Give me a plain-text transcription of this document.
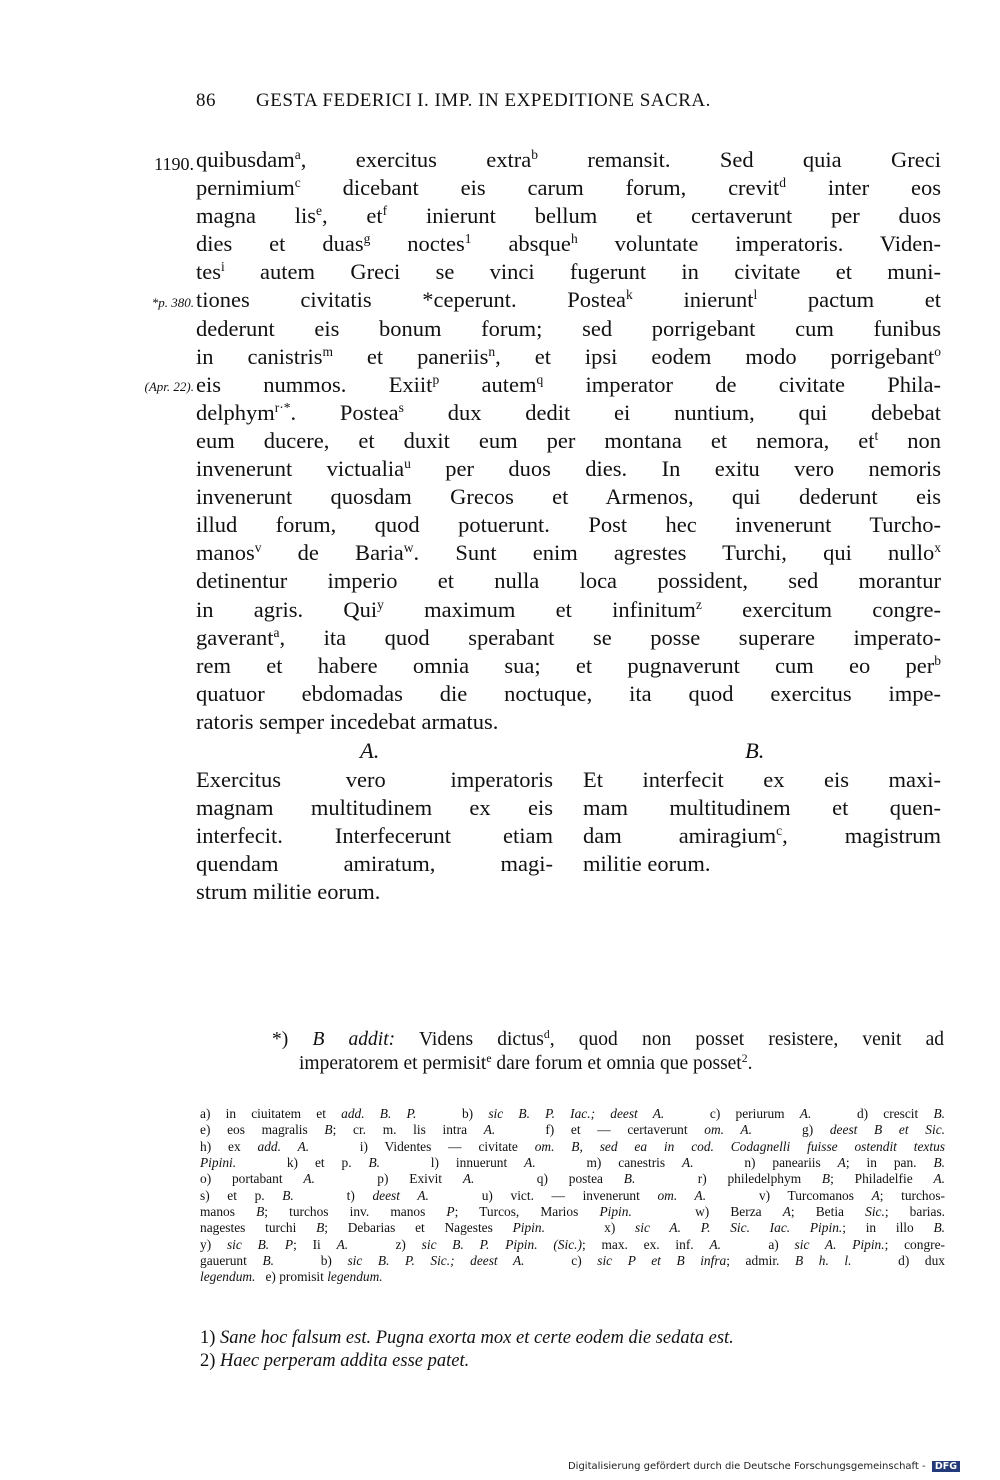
86 GESTA FEDERICI I. IMP. IN EXPEDITIONE SACRA.
1190.
*p. 380.
(Apr. 22).
quibusdam$^a$, exercitus extra$^b$ remansit. Sed quia Greci
pernimium$^c$ dicebant eis carum forum, crevit$^d$ inter eos
magna lis$^e$, $et^f$ inierunt bellum et certaverunt per duos
dies et duas$^g$ noctes$^1$ absque$^h$ voluntate imperatoris. Viden-
tes$^i$ autem Greci se vinci fugerunt in civitate et muni-
tiones civitatis *ceperunt. Postea$^k$ inierunt$^l$ pactum et
dederunt eis bonum forum; sed porrigebant cum funibus
in canistris$^m$ et paneriis$^n$, et ipsi eodem modo porrigebant$^o$
eis nummos. Exiit$^p$ autem$^q$ imperator de civitate Phila-
delphym$^{r\cdot*}$. Postea$^s$ dux dedit ei nuntium, qui debebat
eum ducere, et duxit eum per montana et nemora, $et^t$ non
invenerunt victualia$^u$ per duos dies. In exitu vero nemoris
invenerunt quosdam Grecos et Armenos, qui dederunt eis
illud forum, quod potuerunt. Post hec invenerunt Turcho-
manos$^v$ de Baria$^w$. Sunt enim agrestes Turchi, qui nullo$^x$
detinentur imperio et nulla loca possident, sed morantur
in agris. Qui$^y$ maximum et infinitum$^z$ exercitum congre-
gaverant$^a$, ita quod sperabant se posse superare imperato-
rem et habere omnia sua; et pugnaverunt cum eo per$^b$
quatuor ebdomadas die noctuque, ita quod exercitus impe-
ratoris semper incedebat armatus.
A.	B.
Exercitus vero imperatoris
magnam multitudinem ex eis
interfecit. Interfecerunt etiam
quendam amiratum, magi-
strum militie eorum.
Et interfecit ex eis maxi-
mam multitudinem et quen-
dam amiragium$^c$, magistrum
militie eorum.
*) B addit: Videns dictus$^d$, quod non posset resistere, venit ad
imperatorem et permisit$^e$ dare forum et omnia que posset$^2$.
a) in ciuitatem et add. B. P.   b) sic B. P. Iac.; deest A.   c) periurum A.   d) crescit B.
e) eos magralis B; cr. m. lis intra A.   f) et — certaverunt om. A.   g) deest B et Sic.
h) ex add. A.   i) Videntes — civitate om. B, sed ea in cod. Codagnelli fuisse ostendit textus
Pipini.   k) et p. B.   l) innuerunt A.   m) canestris A.   n) paneariis A; in pan. B.
o) portabant A.   p) Exivit A.   q) postea B.   r) philedelphym B; Philadelfie A.
s) et p. B.   t) deest A.   u) vict. — invenerunt om. A.   v) Turcomanos A; turchos-
manos B; turchos inv. manos P; Turcos, Marios Pipin.   w) Berza A; Betia Sic.; barias.
nagestes turchi B; Debarias et Nagestes Pipin.   x) sic A. P. Sic. Iac. Pipin.; in illo B.
y) sic B. P; Ii A.   z) sic B. P. Pipin. (Sic.); max. ex. inf. A.   a) sic A. Pipin.; congre-
gauerunt B.   b) sic B. P. Sic.; deest A.   c) sic P et B infra; admir. B h. l.   d) dux
legendum.   e) promisit legendum.
1) Sane hoc falsum est. Pugna exorta mox et certe eodem die sedata est.
2) Haec perperam addita esse patet.
Digitalisierung gefördert durch die Deutsche Forschungsgemeinschaft - DFG
